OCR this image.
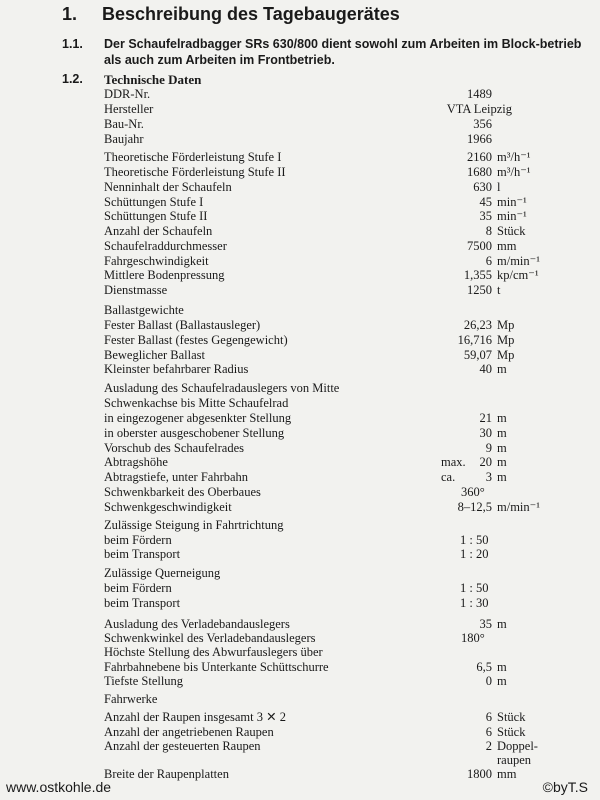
1. Beschreibung des Tagebaugerätes
1.1. Der Schaufelradbagger SRs 630/800 dient sowohl zum Arbeiten im Block-betrieb als auch zum Arbeiten im Frontbetrieb.
1.2. Technische Daten
DDR-Nr.	1489
Hersteller	VTA Leipzig
Bau-Nr.	356
Baujahr	1966
Theoretische Förderleistung Stufe I	2160 m³/h⁻¹
Theoretische Förderleistung Stufe II	1680 m³/h⁻¹
Nenninhalt der Schaufeln	630 l
Schüttungen Stufe I	45 min⁻¹
Schüttungen Stufe II	35 min⁻¹
Anzahl der Schaufeln	8 Stück
Schaufelraddurchmesser	7500 mm
Fahrgeschwindigkeit	6 m/min⁻¹
Mittlere Bodenpressung	1,355 kp/cm⁻¹
Dienstmasse	1250 t
Ballastgewichte
Fester Ballast (Ballastausleger)	26,23 Mp
Fester Ballast (festes Gegengewicht)	16,716 Mp
Beweglicher Ballast	59,07 Mp
Kleinster befahrbarer Radius	40 m
Ausladung des Schaufelradauslegers von Mitte
Schwenkachse bis Mitte Schaufelrad
in eingezogener abgesenkter Stellung	21 m
in oberster ausgeschobener Stellung	30 m
Vorschub des Schaufelrades	9 m
Abtragshöhe	max. 20 m
Abtragstiefe, unter Fahrbahn	ca. 3 m
Schwenkbarkeit des Oberbaues	360°
Schwenkgeschwindigkeit	8–12,5 m/min⁻¹
Zulässige Steigung in Fahrtrichtung
beim Fördern	1 : 50
beim Transport	1 : 20
Zulässige Querneigung
beim Fördern	1 : 50
beim Transport	1 : 30
Ausladung des Verladebandauslegers	35 m
Schwenkwinkel des Verladebandauslegers	180°
Höchste Stellung des Abwurfauslegers über
Fahrbahnebene bis Unterkante Schüttschurre	6,5 m
Tiefste Stellung	0 m
Fahrwerke
Anzahl der Raupen insgesamt 3 ✕ 2	6 Stück
Anzahl der angetriebenen Raupen	6 Stück
Anzahl der gesteuerten Raupen	2 Doppel-
raupen
Breite der Raupenplatten	1800 mm
www.ostkohle.de	©byT.S
